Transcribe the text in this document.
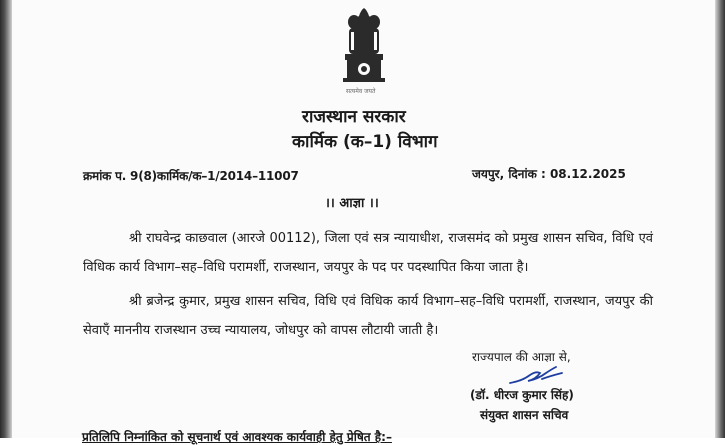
सत्यमेव जयते
राजस्थान सरकार
कार्मिक (क–1) विभाग
क्रमांक प. 9(8)कार्मिक/क–1/2014–11007	जयपुर, दिनांक : 08.12.2025
।। आज्ञा ।।
श्री राघवेन्द्र काछवाल (आरजे 00112), जिला एवं सत्र न्यायाधीश, राजसमंद को प्रमुख शासन सचिव, विधि एवं विधिक कार्य विभाग–सह–विधि परामर्शी, राजस्थान, जयपुर के पद पर पदस्थापित किया जाता है।
श्री ब्रजेन्द्र कुमार, प्रमुख शासन सचिव, विधि एवं विधिक कार्य विभाग–सह–विधि परामर्शी, राजस्थान, जयपुर की सेवाएँ माननीय राजस्थान उच्च न्यायालय, जोधपुर को वापस लौटायी जाती है।
राज्यपाल की आज्ञा से,
(डॉ. धीरज कुमार सिंह)
संयुक्त शासन सचिव
प्रतिलिपि निम्नांकित को सूचनार्थ एवं आवश्यक कार्यवाही हेतु प्रेषित है:–
